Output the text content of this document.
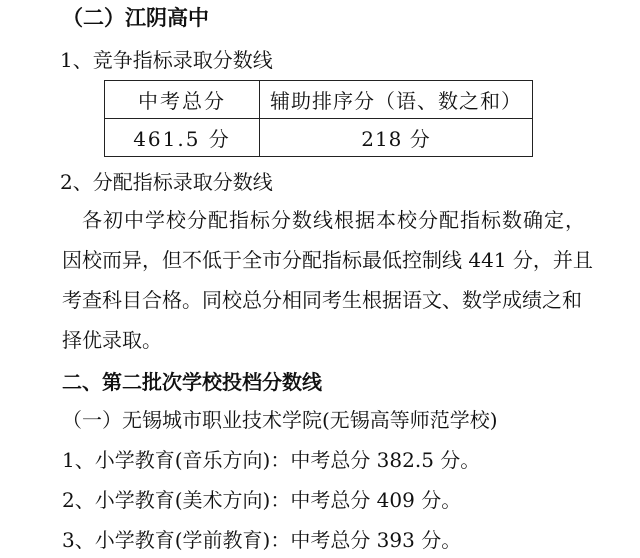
（二）江阴高中
1、竞争指标录取分数线
中考总分	辅助排序分（语、数之和）
461.5 分	218 分
2、分配指标录取分数线
各初中学校分配指标分数线根据本校分配指标数确定，
因校而异，但不低于全市分配指标最低控制线 441 分，并且
考查科目合格。同校总分相同考生根据语文、数学成绩之和
择优录取。
二、第二批次学校投档分数线
（一）无锡城市职业技术学院(无锡高等师范学校)
1、小学教育(音乐方向)：中考总分 382.5 分。
2、小学教育(美术方向)：中考总分 409 分。
3、小学教育(学前教育)：中考总分 393 分。
